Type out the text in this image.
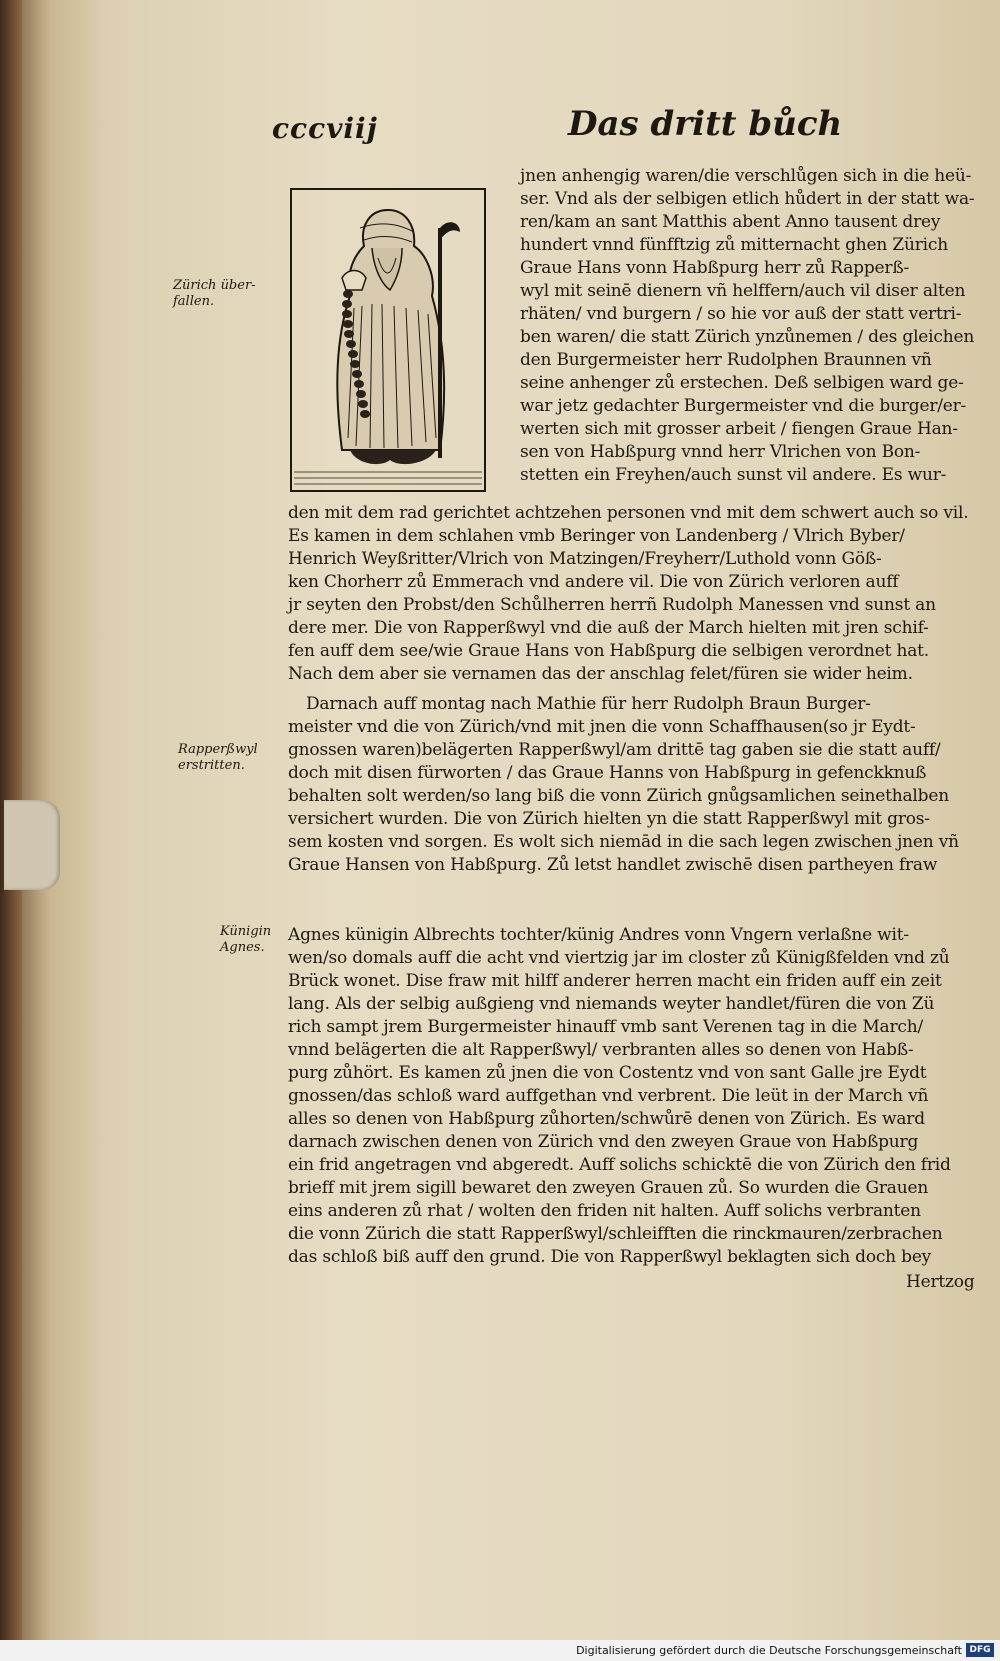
cccviij	Das dritt bůch
Zürich über-
fallen.
Rapperßwyl
erstritten.
Künigin
Agnes.
jnen anhengig waren/die verschlůgen sich in die heü-
ser. Vnd als der selbigen etlich hůdert in der statt wa-
ren/kam an sant Matthis abent Anno tausent drey
hundert vnnd fünfftzig zů mitternacht ghen Zürich
Graue Hans vonn Habßpurg herr zů Rapperß-
wyl mit seinē dienern vñ helffern/auch vil diser alten
rhäten/ vnd burgern / so hie vor auß der statt vertri-
ben waren/ die statt Zürich ynzůnemen / des gleichen
den Burgermeister herr Rudolphen Braunnen vñ
seine anhenger zů erstechen. Deß selbigen ward ge-
war jetz gedachter Burgermeister vnd die burger/er-
werten sich mit grosser arbeit / fiengen Graue Han-
sen von Habßpurg vnnd herr Vlrichen von Bon-
stetten ein Freyhen/auch sunst vil andere. Es wur-
den mit dem rad gerichtet achtzehen personen vnd mit dem schwert auch so vil.
Es kamen in dem schlahen vmb Beringer von Landenberg / Vlrich Byber/
Henrich Weyßritter/Vlrich von Matzingen/Freyherr/Luthold vonn Göß-
ken Chorherr zů Emmerach vnd andere vil. Die von Zürich verloren auff
jr seyten den Probst/den Schůlherren herrñ Rudolph Manessen vnd sunst an
dere mer. Die von Rapperßwyl vnd die auß der March hielten mit jren schif-
fen auff dem see/wie Graue Hans von Habßpurg die selbigen verordnet hat.
Nach dem aber sie vernamen das der anschlag felet/füren sie wider heim.
Darnach auff montag nach Mathie für herr Rudolph Braun Burger-
meister vnd die von Zürich/vnd mit jnen die vonn Schaffhausen(so jr Eydt-
gnossen waren)belägerten Rapperßwyl/am drittē tag gaben sie die statt auff/
doch mit disen fürworten / das Graue Hanns von Habßpurg in gefenckknuß
behalten solt werden/so lang biß die vonn Zürich gnůgsamlichen seinethalben
versichert wurden. Die von Zürich hielten yn die statt Rapperßwyl mit gros-
sem kosten vnd sorgen. Es wolt sich niemād in die sach legen zwischen jnen vñ
Graue Hansen von Habßpurg. Zů letst handlet zwischē disen partheyen fraw
Agnes künigin Albrechts tochter/künig Andres vonn Vngern verlaßne wit-
wen/so domals auff die acht vnd viertzig jar im closter zů Künigßfelden vnd zů
Brück wonet. Dise fraw mit hilff anderer herren macht ein friden auff ein zeit
lang. Als der selbig außgieng vnd niemands weyter handlet/füren die von Zü
rich sampt jrem Burgermeister hinauff vmb sant Verenen tag in die March/
vnnd belägerten die alt Rapperßwyl/ verbranten alles so denen von Habß-
purg zůhört. Es kamen zů jnen die von Costentz vnd von sant Galle jre Eydt
gnossen/das schloß ward auffgethan vnd verbrent. Die leüt in der March vñ
alles so denen von Habßpurg zůhorten/schwůrē denen von Zürich. Es ward
darnach zwischen denen von Zürich vnd den zweyen Graue von Habßpurg
ein frid angetragen vnd abgeredt. Auff solichs schicktē die von Zürich den frid
brieff mit jrem sigill bewaret den zweyen Grauen zů. So wurden die Grauen
eins anderen zů rhat / wolten den friden nit halten. Auff solichs verbranten
die vonn Zürich die statt Rapperßwyl/schleifften die rinckmauren/zerbrachen
das schloß biß auff den grund. Die von Rapperßwyl beklagten sich doch bey
Hertzog
Digitalisierung gefördert durch die Deutsche Forschungsgemeinschaft DFG
